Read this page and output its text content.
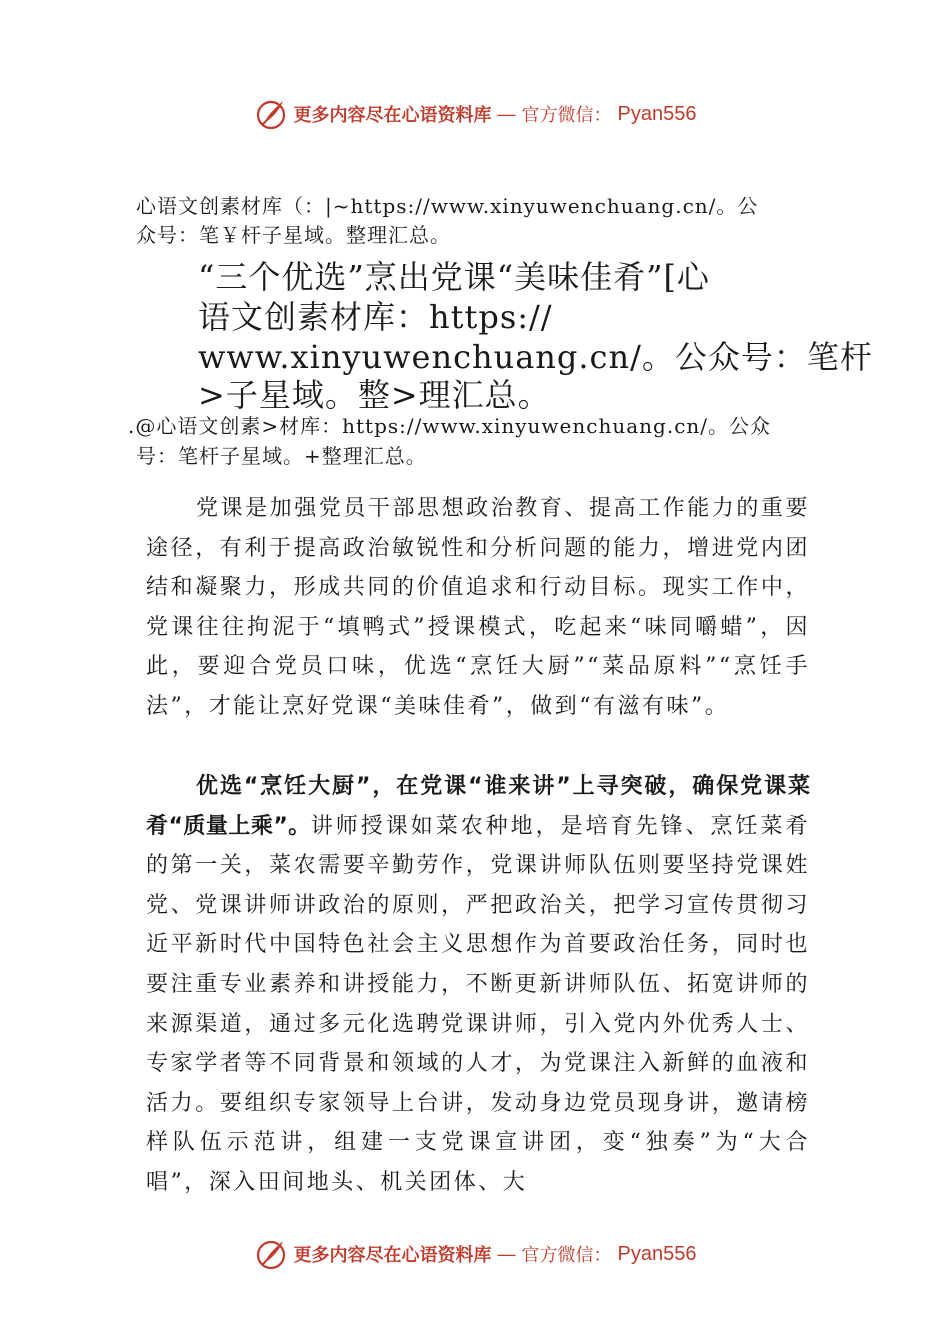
更多内容尽在心语资料库 — 官方微信： Pyan556
心语文创素材库（：|~https://www.xinyuwenchuang.cn/。公
众号：笔￥杆子星域。整理汇总。
“三个优选”烹出党课“美味佳肴”[心
语文创素材库：https://
www.xinyuwenchuang.cn/。公众号：笔杆
>子星域。整>理汇总。
.@心语文创素>材库：https://www.xinyuwenchuang.cn/。公众
号：笔杆子星域。+整理汇总。

党课是加强党员干部思想政治教育、提高工作能力的重要途径，有利于提高政治敏锐性和分析问题的能力，增进党内团结和凝聚力，形成共同的价值追求和行动目标。现实工作中，党课往往拘泥于“填鸭式”授课模式，吃起来“味同嚼蜡”，因此，要迎合党员口味，优选“烹饪大厨”“菜品原料”“烹饪手法”，才能让烹好党课“美味佳肴”，做到“有滋有味”。

优选“烹饪大厨”，在党课“谁来讲”上寻突破，确保党课菜肴“质量上乘”。讲师授课如菜农种地，是培育先锋、烹饪菜肴的第一关，菜农需要辛勤劳作，党课讲师队伍则要坚持党课姓党、党课讲师讲政治的原则，严把政治关，把学习宣传贯彻习近平新时代中国特色社会主义思想作为首要政治任务，同时也要注重专业素养和讲授能力，不断更新讲师队伍、拓宽讲师的来源渠道，通过多元化选聘党课讲师，引入党内外优秀人士、专家学者等不同背景和领域的人才，为党课注入新鲜的血液和活力。要组织专家领导上台讲，发动身边党员现身讲，邀请榜样队伍示范讲，组建一支党课宣讲团，变“独奏”为“大合唱”，深入田间地头、机关团体、大

更多内容尽在心语资料库 — 官方微信： Pyan556
